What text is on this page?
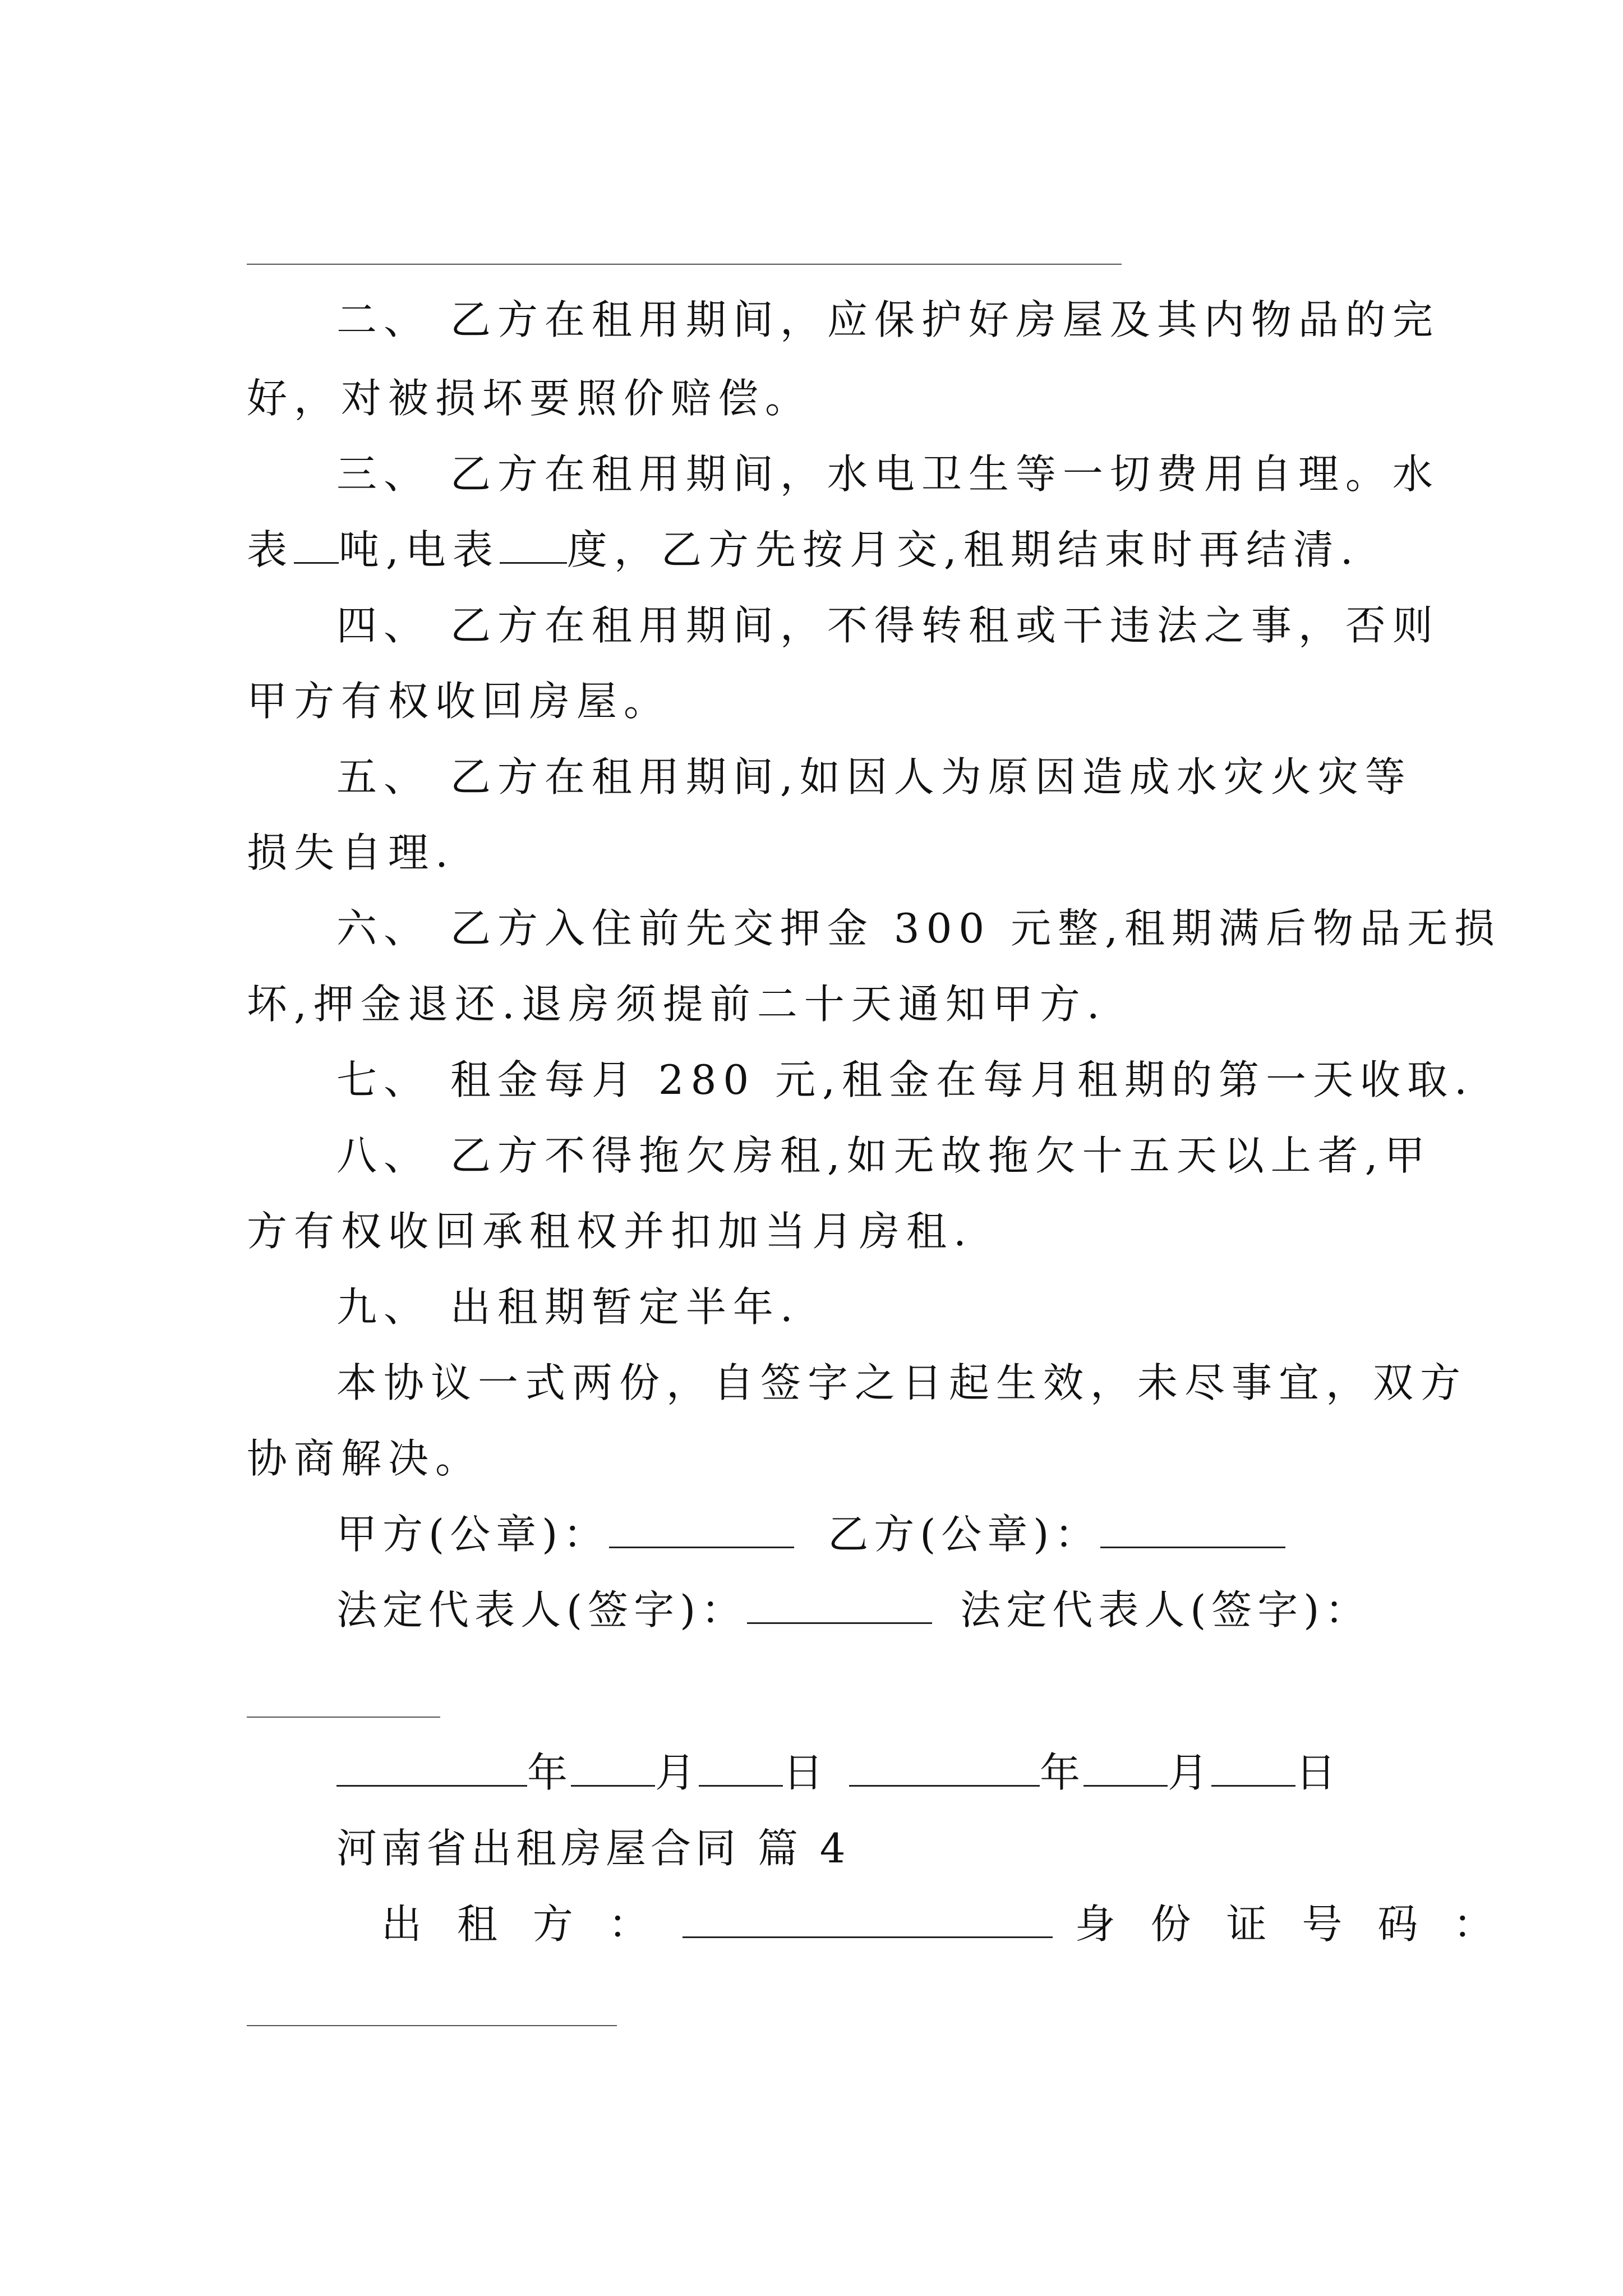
二、 乙方在租用期间，应保护好房屋及其内物品的完
好，对被损坏要照价赔偿。
三、 乙方在租用期间，水电卫生等一切费用自理。水
表 吨,电表 度，乙方先按月交,租期结束时再结清.
四、 乙方在租用期间，不得转租或干违法之事，否则
甲方有权收回房屋。
五、 乙方在租用期间,如因人为原因造成水灾火灾等
损失自理.
六、 乙方入住前先交押金 300 元整,租期满后物品无损
坏,押金退还.退房须提前二十天通知甲方.
七、 租金每月 280 元,租金在每月租期的第一天收取.
八、 乙方不得拖欠房租,如无故拖欠十五天以上者,甲
方有权收回承租权并扣加当月房租.
九、 出租期暂定半年.
本协议一式两份，自签字之日起生效，未尽事宜，双方
协商解决。
甲方(公章)：	乙方(公章)：
法定代表人(签字)：	法定代表人(签字)：
年 月 日	年 月 日
河南省出租房屋合同 篇 4
出 租 方 ：	身 份 证 号 码 ：
